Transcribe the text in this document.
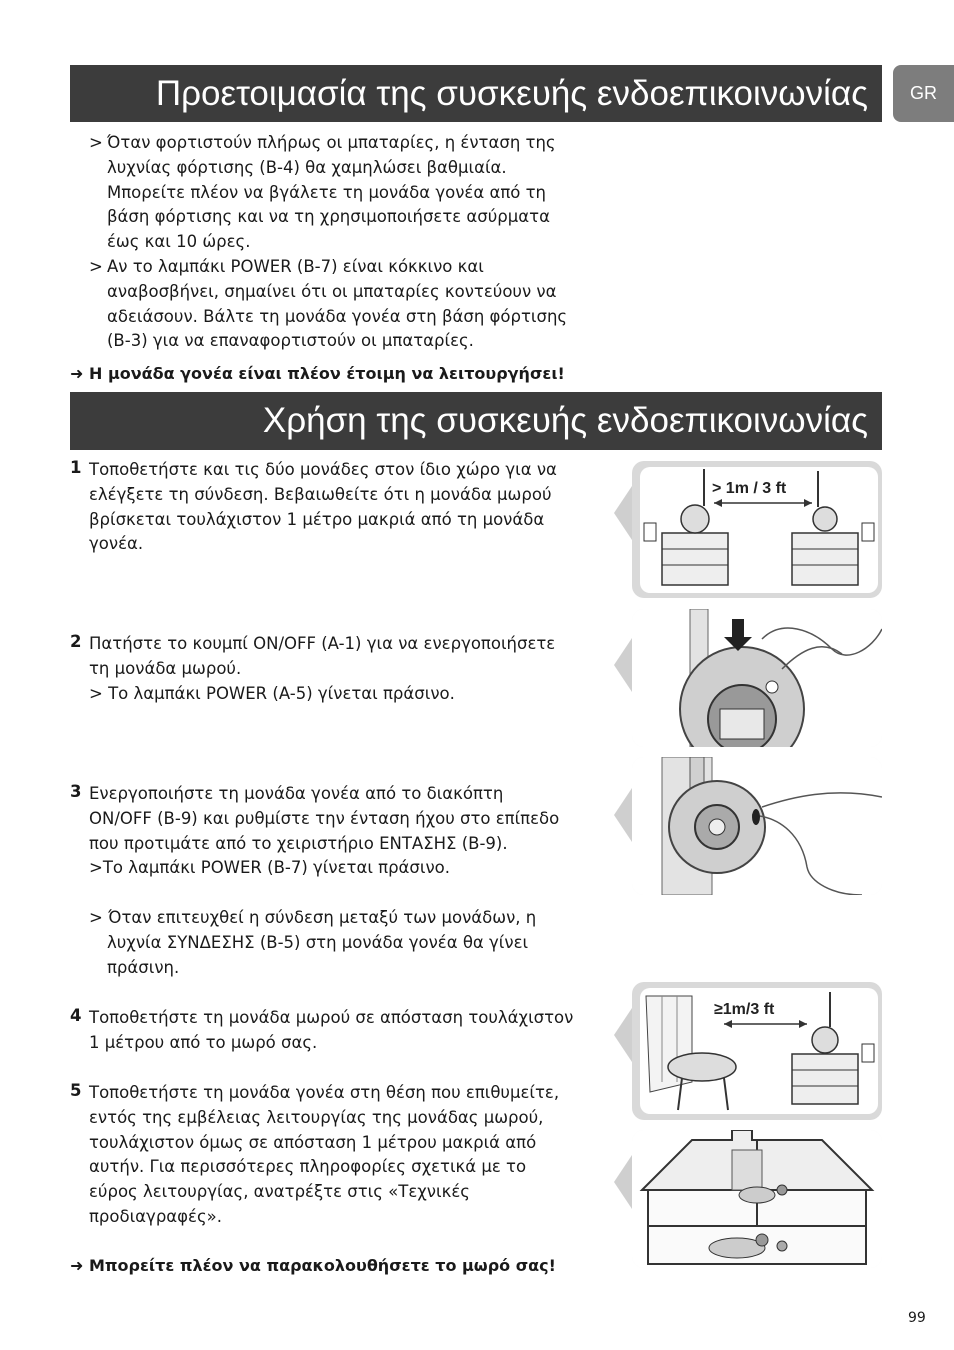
Προετοιμασία της συσκευής ενδοεπικοινωνίας GR
> Όταν φορτιστούν πλήρως οι μπαταρίες, η ένταση της

λυχνίας φόρτισης (B-4) θα χαμηλώσει βαθμιαία.

Μπορείτε πλέον να βγάλετε τη μονάδα γονέα από τη

βάση φόρτισης και να τη χρησιμοποιήσετε ασύρματα

έως και 10 ώρες.

> Αν το λαμπάκι POWER (B-7) είναι κόκκινο και

αναβοσβήνει, σημαίνει ότι οι μπαταρίες κοντεύουν να

αδειάσουν. Βάλτε τη μονάδα γονέα στη βάση φόρτισης

(B-3) για να επαναφορτιστούν οι μπαταρίες.

➜ Η μονάδα γονέα είναι πλέον έτοιμη να λειτουργήσει!
Χρήση της συσκευής ενδοεπικοινωνίας
1 Τοποθετήστε και τις δύο μονάδες στον ίδιο χώρο για να

ελέγξετε τη σύνδεση. Βεβαιωθείτε ότι η μονάδα μωρού

βρίσκεται τουλάχιστον 1 μέτρο μακριά από τη μονάδα

γονέα.

2 Πατήστε το κουμπί ON/OFF (A-1) για να ενεργοποιήσετε

τη μονάδα μωρού.

> Το λαμπάκι POWER (A-5) γίνεται πράσινο.

3 Ενεργοποιήστε τη μονάδα γονέα από το διακόπτη

ON/OFF (B-9) και ρυθμίστε την ένταση ήχου στο επίπεδο

που προτιμάτε από το χειριστήριο ΕΝΤΑΣΗΣ (B-9).

>Το λαμπάκι POWER (B-7) γίνεται πράσινο.

> Όταν επιτευχθεί η σύνδεση μεταξύ των μονάδων, η

λυχνία ΣΥΝΔΕΣΗΣ (B-5) στη μονάδα γονέα θα γίνει

πράσινη.

4 Τοποθετήστε τη μονάδα μωρού σε απόσταση τουλάχιστον

1 μέτρου από το μωρό σας.

5 Τοποθετήστε τη μονάδα γονέα στη θέση που επιθυμείτε,

εντός της εμβέλειας λειτουργίας της μονάδας μωρού,

τουλάχιστον όμως σε απόσταση 1 μέτρου μακριά από

αυτήν. Για περισσότερες πληροφορίες σχετικά με το

εύρος λειτουργίας, ανατρέξτε στις «Τεχνικές

προδιαγραφές».

➜ Μπορείτε πλέον να παρακολουθήσετε το μωρό σας!
> 1m / 3 ft
≥1m/3 ft
99
